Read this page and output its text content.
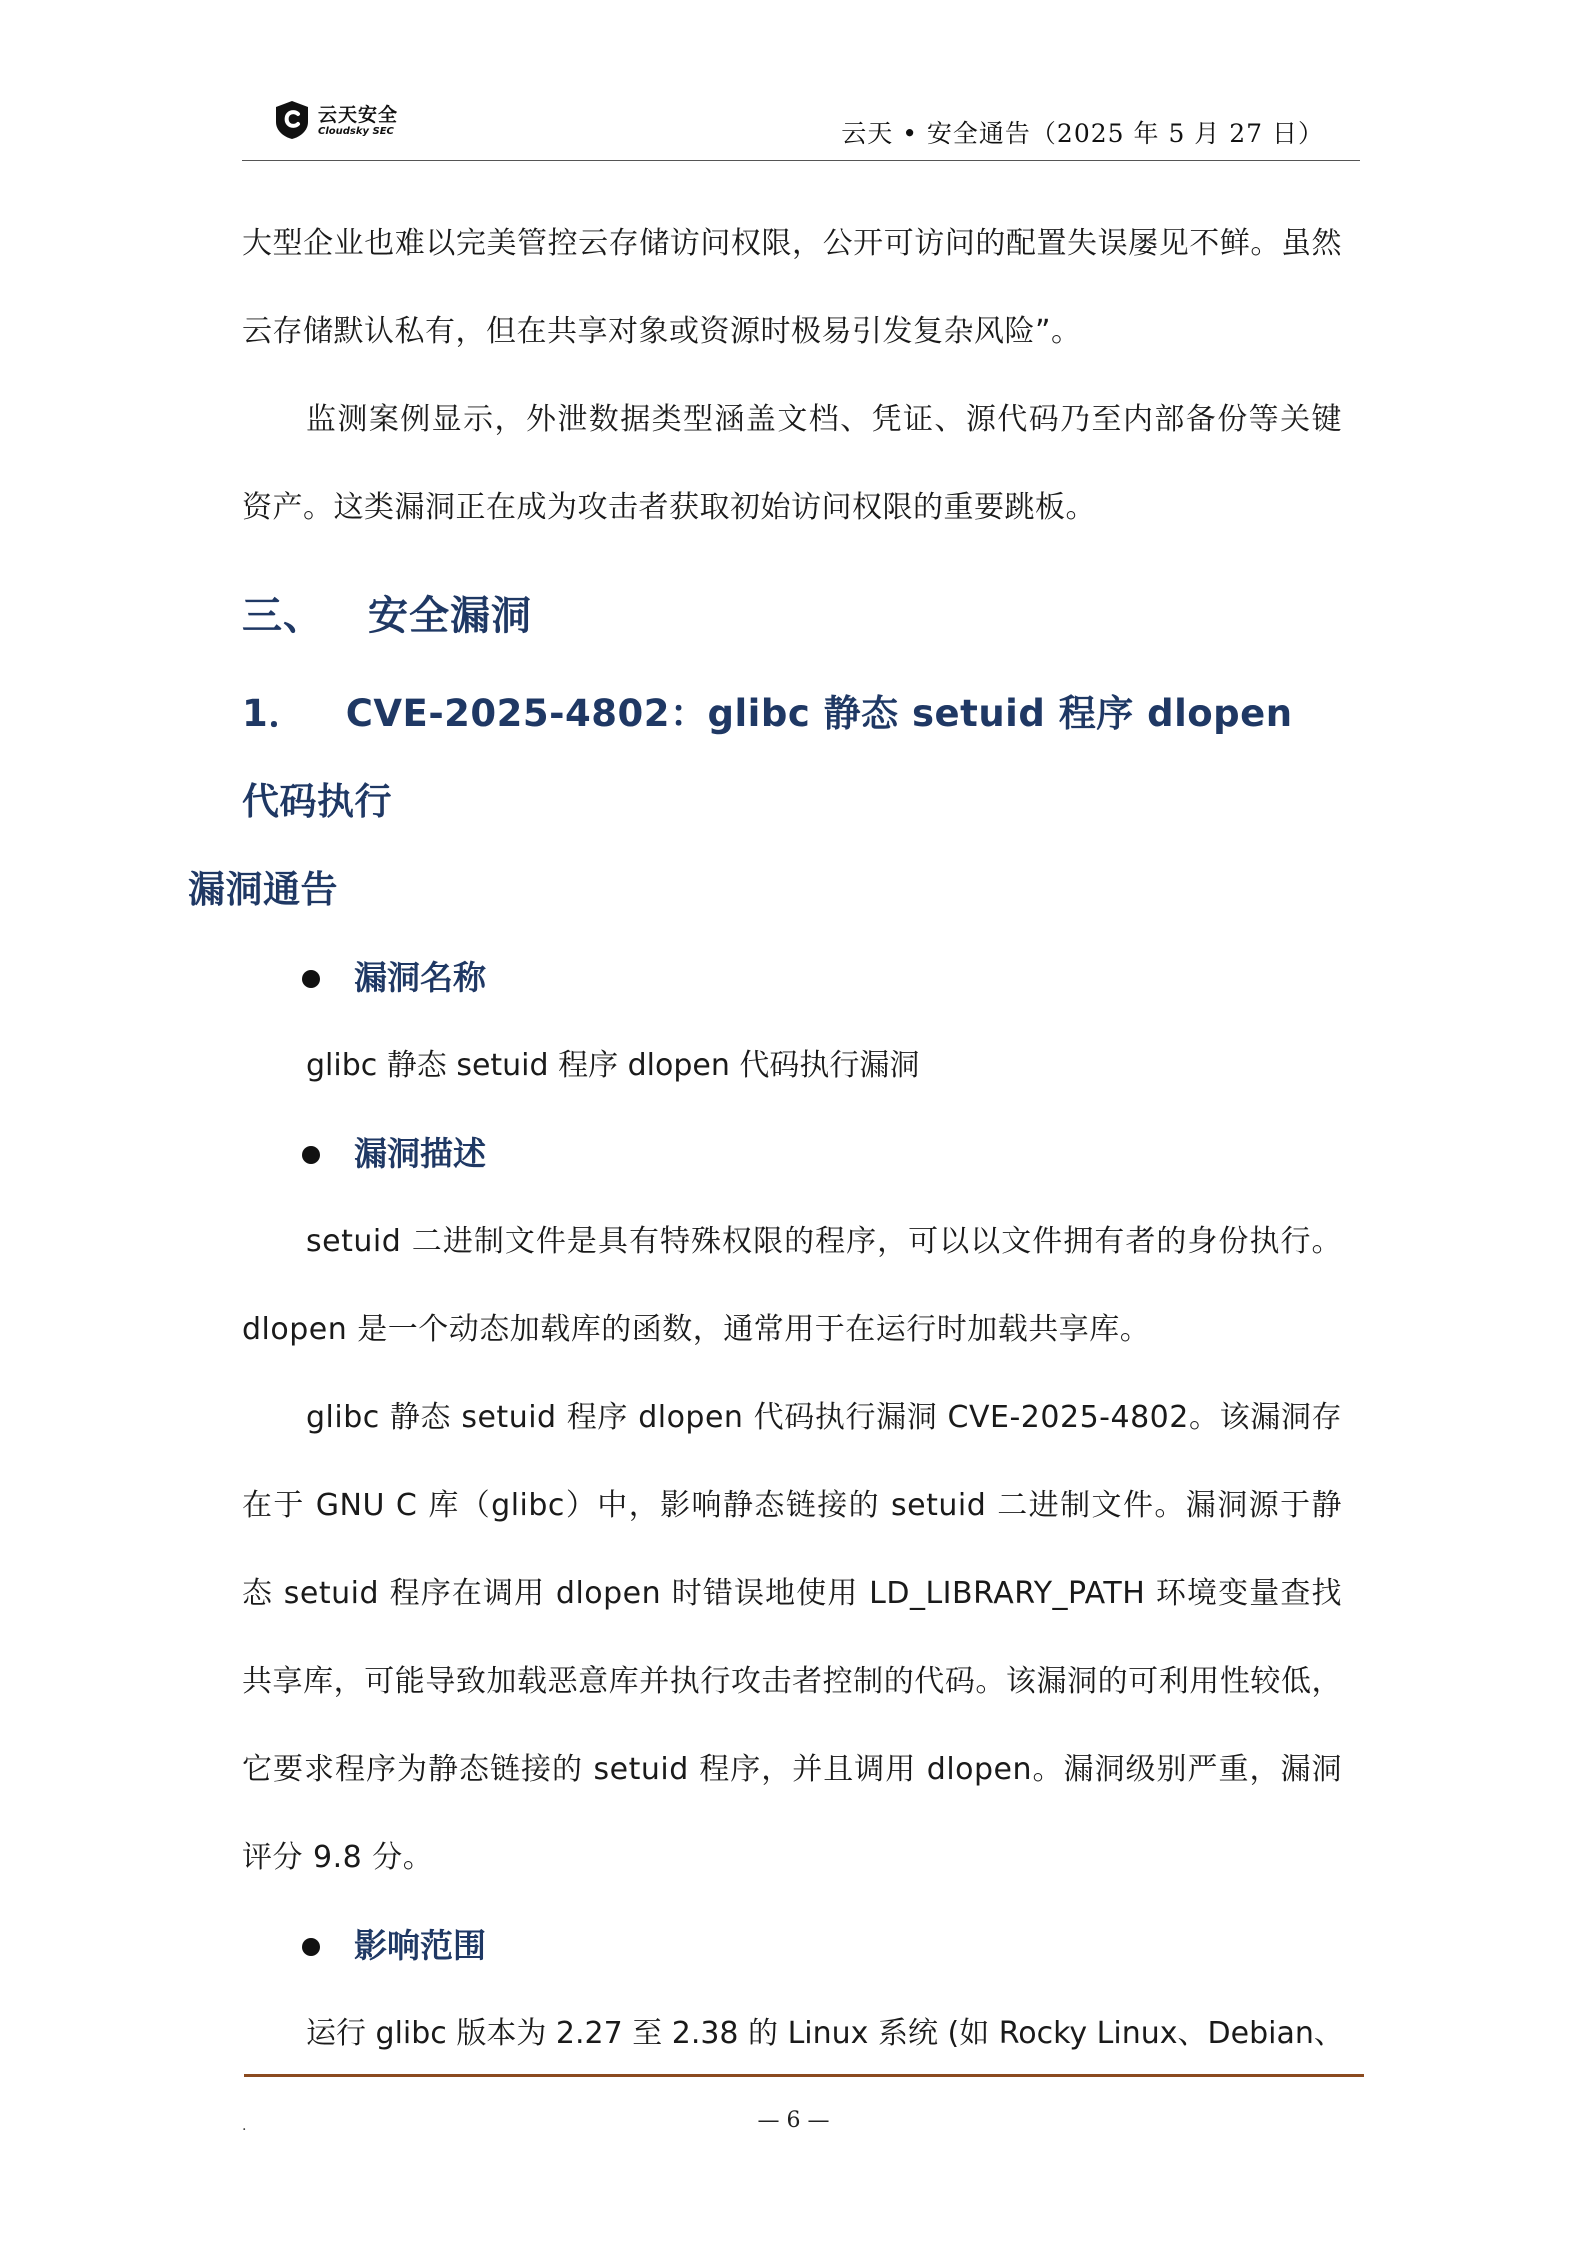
云天安全
Cloudsky SEC	云天 • 安全通告（2025 年 5 月 27 日）

大型企业也难以完美管控云存储访问权限，公开可访问的配置失误屡见不鲜。虽然云存储默认私有，但在共享对象或资源时极易引发复杂风险”。

监测案例显示，外泄数据类型涵盖文档、凭证、源代码乃至内部备份等关键资产。这类漏洞正在成为攻击者获取初始访问权限的重要跳板。

三、 安全漏洞
1． CVE-2025-4802：glibc 静态 setuid 程序 dlopen 代码执行
漏洞通告
漏洞名称

glibc 静态 setuid 程序 dlopen 代码执行漏洞

漏洞描述

setuid 二进制文件是具有特殊权限的程序，可以以文件拥有者的身份执行。dlopen 是一个动态加载库的函数，通常用于在运行时加载共享库。

glibc 静态 setuid 程序 dlopen 代码执行漏洞 CVE-2025-4802。该漏洞存在于 GNU C 库（glibc）中，影响静态链接的 setuid 二进制文件。漏洞源于静态 setuid 程序在调用 dlopen 时错误地使用 LD_LIBRARY_PATH 环境变量查找共享库，可能导致加载恶意库并执行攻击者控制的代码。该漏洞的可利用性较低，它要求程序为静态链接的 setuid 程序，并且调用 dlopen。漏洞级别严重，漏洞评分 9.8 分。

影响范围

运行 glibc 版本为 2.27 至 2.38 的 Linux 系统 (如 Rocky Linux、Debian、

.	— 6 —
